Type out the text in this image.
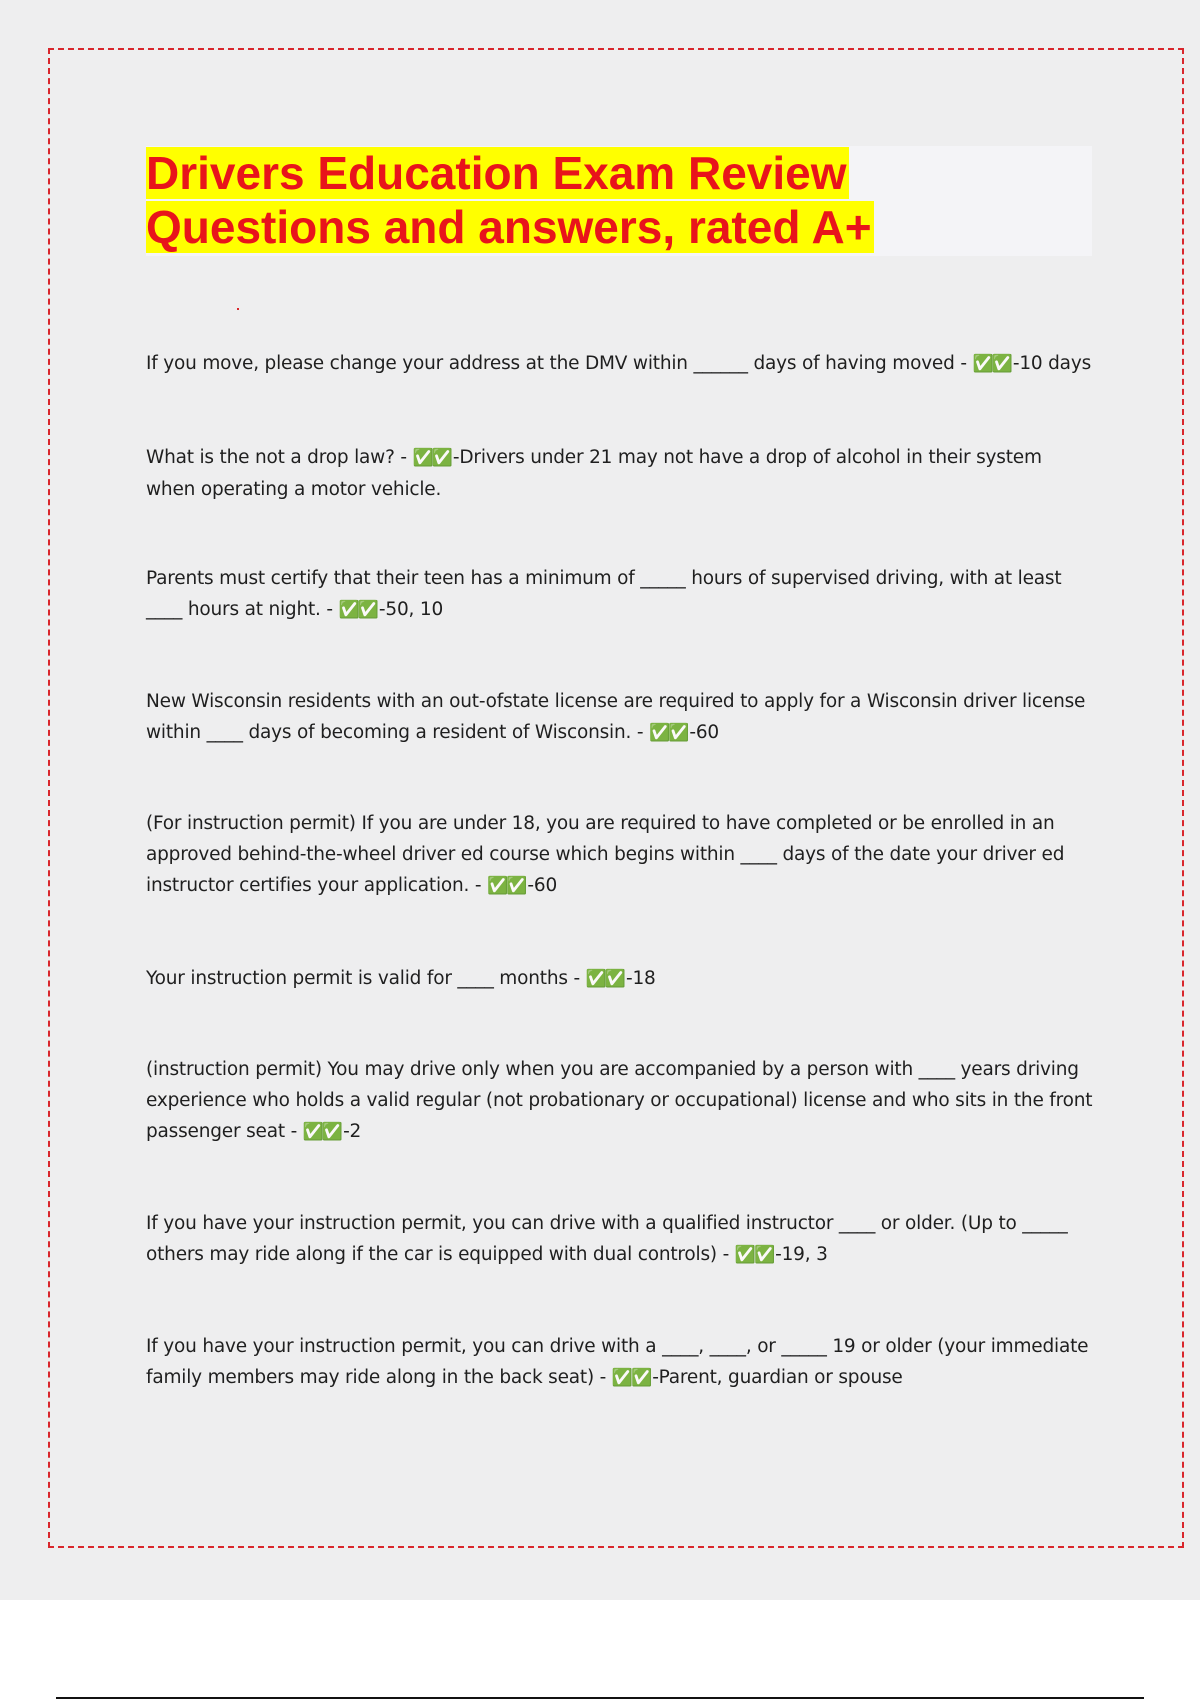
Drivers Education Exam Review
Questions and answers, rated A+

If you move, please change your address at the DMV within ______ days of having moved - ✅✅ -10 days

What is the not a drop law? - ✅✅ -Drivers under 21 may not have a drop of alcohol in their system when operating a motor vehicle.

Parents must certify that their teen has a minimum of _____ hours of supervised driving, with at least ____ hours at night. - ✅✅ -50, 10

New Wisconsin residents with an out-ofstate license are required to apply for a Wisconsin driver license within ____ days of becoming a resident of Wisconsin. - ✅✅ -60

(For instruction permit) If you are under 18, you are required to have completed or be enrolled in an approved behind-the-wheel driver ed course which begins within ____ days of the date your driver ed instructor certifies your application. - ✅✅ -60

Your instruction permit is valid for ____ months - ✅✅ -18

(instruction permit) You may drive only when you are accompanied by a person with ____ years driving experience who holds a valid regular (not probationary or occupational) license and who sits in the front passenger seat - ✅✅ -2

If you have your instruction permit, you can drive with a qualified instructor ____ or older. (Up to _____ others may ride along if the car is equipped with dual controls) - ✅✅ -19, 3

If you have your instruction permit, you can drive with a ____, ____, or _____ 19 or older (your immediate family members may ride along in the back seat) - ✅✅ -Parent, guardian or spouse
